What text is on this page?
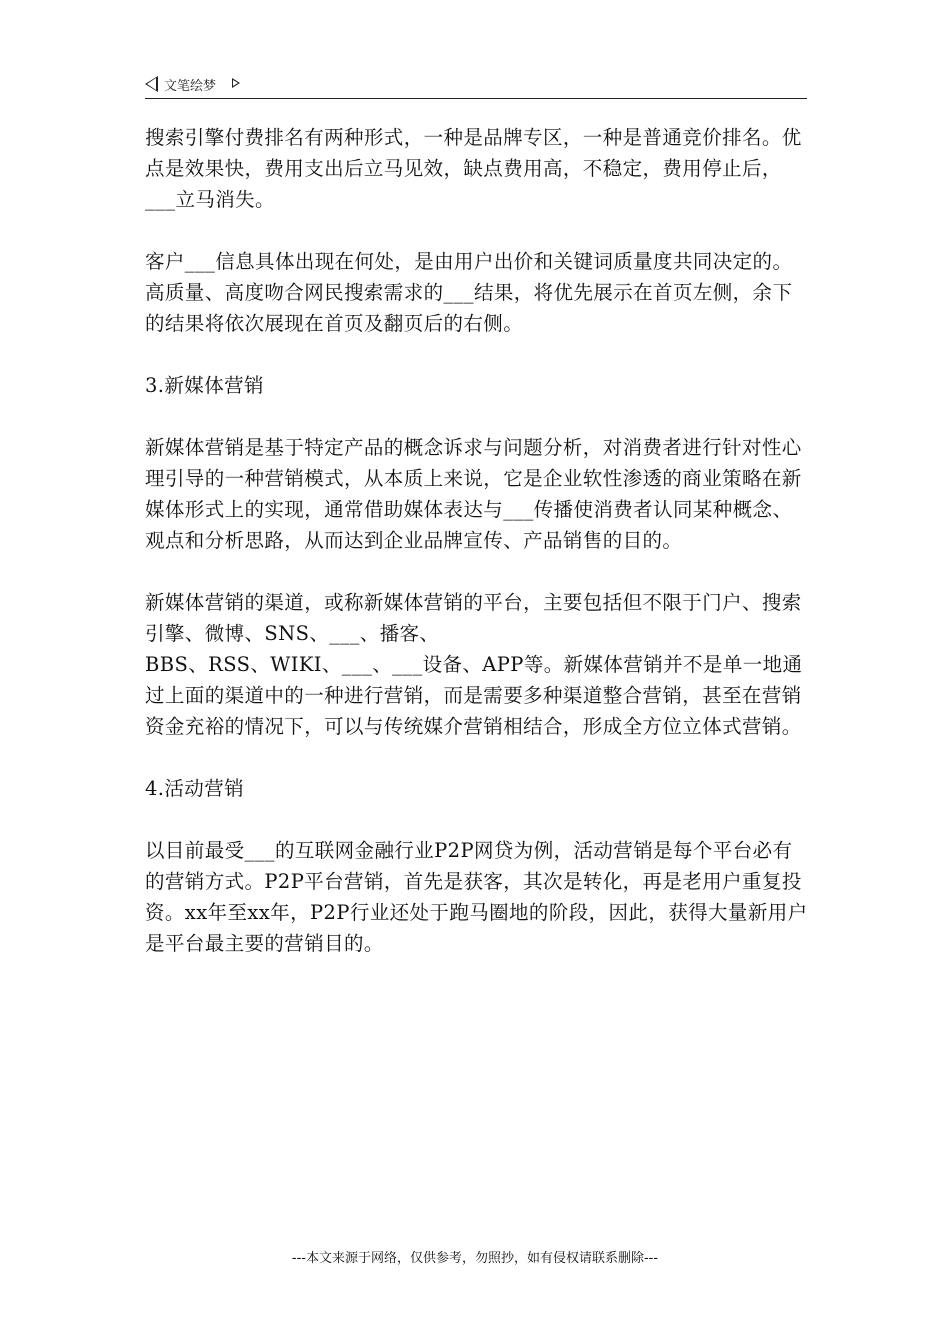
文笔绘梦

搜索引擎付费排名有两种形式，一种是品牌专区，一种是普通竞价排名。优点是效果快，费用支出后立马见效，缺点费用高，不稳定，费用停止后，___立马消失。

客户___信息具体出现在何处，是由用户出价和关键词质量度共同决定的。高质量、高度吻合网民搜索需求的___结果，将优先展示在首页左侧，余下的结果将依次展现在首页及翻页后的右侧。

3.新媒体营销

新媒体营销是基于特定产品的概念诉求与问题分析，对消费者进行针对性心理引导的一种营销模式，从本质上来说，它是企业软性渗透的商业策略在新媒体形式上的实现，通常借助媒体表达与___传播使消费者认同某种概念、观点和分析思路，从而达到企业品牌宣传、产品销售的目的。

新媒体营销的渠道，或称新媒体营销的平台，主要包括但不限于门户、搜索引擎、微博、SNS、___、播客、
BBS、RSS、WIKI、___、___设备、APP等。新媒体营销并不是单一地通过上面的渠道中的一种进行营销，而是需要多种渠道整合营销，甚至在营销资金充裕的情况下，可以与传统媒介营销相结合，形成全方位立体式营销。

4.活动营销

以目前最受___的互联网金融行业P2P网贷为例，活动营销是每个平台必有的营销方式。P2P平台营销，首先是获客，其次是转化，再是老用户重复投资。xx年至xx年，P2P行业还处于跑马圈地的阶段，因此，获得大量新用户是平台最主要的营销目的。

---本文来源于网络，仅供参考，勿照抄，如有侵权请联系删除---
